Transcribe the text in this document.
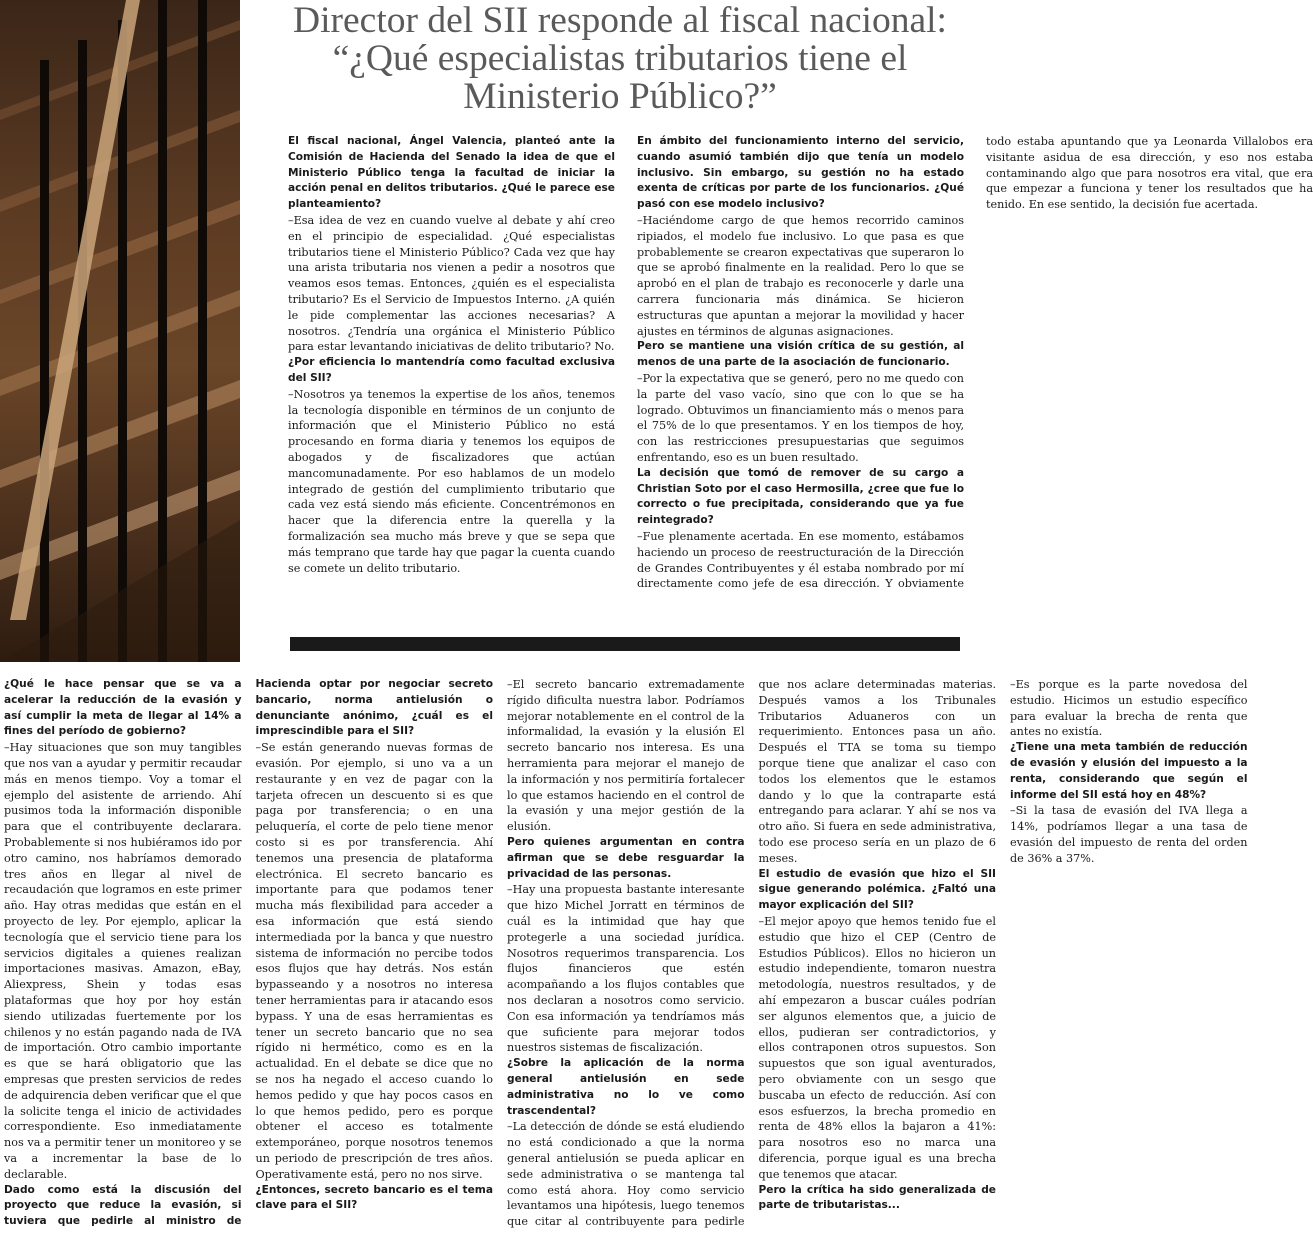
Director del SII responde al fiscal nacional:
“¿Qué especialistas tributarios tiene el
Ministerio Público?”

El fiscal nacional, Ángel Valencia, planteó ante la Comisión de Hacienda del Senado la idea de que el Ministerio Público tenga la facultad de iniciar la acción penal en delitos tributarios. ¿Qué le parece ese planteamiento?

–Esa idea de vez en cuando vuelve al debate y ahí creo en el principio de especialidad. ¿Qué especialistas tributarios tiene el Ministerio Público? Cada vez que hay una arista tributaria nos vienen a pedir a nosotros que veamos esos temas. Entonces, ¿quién es el especialista tributario? Es el Servicio de Impuestos Interno. ¿A quién le pide complementar las acciones necesarias? A nosotros. ¿Tendría una orgánica el Ministerio Público para estar levantando iniciativas de delito tributario? No.

¿Por eficiencia lo mantendría como facultad exclusiva del SII?

–Nosotros ya tenemos la expertise de los años, tenemos la tecnología disponible en términos de un conjunto de información que el Ministerio Público no está procesando en forma diaria y tenemos los equipos de abogados y de fiscalizadores que actúan mancomunadamente. Por eso hablamos de un modelo integrado de gestión del cumplimiento tributario que cada vez está siendo más eficiente. Concentrémonos en hacer que la diferencia entre la querella y la formalización sea mucho más breve y que se sepa que más temprano que tarde hay que pagar la cuenta cuando se comete un delito tributario.

En ámbito del funcionamiento interno del servicio, cuando asumió también dijo que tenía un modelo inclusivo. Sin embargo, su gestión no ha estado exenta de críticas por parte de los funcionarios. ¿Qué pasó con ese modelo inclusivo?

–Haciéndome cargo de que hemos recorrido caminos ripiados, el modelo fue inclusivo. Lo que pasa es que probablemente se crearon expectativas que superaron lo que se aprobó finalmente en la realidad. Pero lo que se aprobó en el plan de trabajo es reconocerle y darle una carrera funcionaria más dinámica. Se hicieron estructuras que apuntan a mejorar la movilidad y hacer ajustes en términos de algunas asignaciones.

Pero se mantiene una visión crítica de su gestión, al menos de una parte de la asociación de funcionario.

–Por la expectativa que se generó, pero no me quedo con la parte del vaso vacío, sino que con lo que se ha logrado. Obtuvimos un financiamiento más o menos para el 75% de lo que presentamos. Y en los tiempos de hoy, con las restricciones presupuestarias que seguimos enfrentando, eso es un buen resultado.

La decisión que tomó de remover de su cargo a Christian Soto por el caso Hermosilla, ¿cree que fue lo correcto o fue precipitada, considerando que ya fue reintegrado?

–Fue plenamente acertada. En ese momento, estábamos haciendo un proceso de reestructuración de la Dirección de Grandes Contribuyentes y él estaba nombrado por mí directamente como jefe de esa dirección. Y obviamente todo estaba apuntando que ya Leonarda Villalobos era visitante asidua de esa dirección, y eso nos estaba contaminando algo que para nosotros era vital, que era que empezar a funciona y tener los resultados que ha tenido. En ese sentido, la decisión fue acertada.

¿Qué le hace pensar que se va a acelerar la reducción de la evasión y así cumplir la meta de llegar al 14% a fines del período de gobierno?

–Hay situaciones que son muy tangibles que nos van a ayudar y permitir recaudar más en menos tiempo. Voy a tomar el ejemplo del asistente de arriendo. Ahí pusimos toda la información disponible para que el contribuyente declarara. Probablemente si nos hubiéramos ido por otro camino, nos habríamos demorado tres años en llegar al nivel de recaudación que logramos en este primer año. Hay otras medidas que están en el proyecto de ley. Por ejemplo, aplicar la tecnología que el servicio tiene para los servicios digitales a quienes realizan importaciones masivas. Amazon, eBay, Aliexpress, Shein y todas esas plataformas que hoy por hoy están siendo utilizadas fuertemente por los chilenos y no están pagando nada de IVA de importación. Otro cambio importante es que se hará obligatorio que las empresas que presten servicios de redes de adquirencia deben verificar que el que la solicite tenga el inicio de actividades correspondiente. Eso inmediatamente nos va a permitir tener un monitoreo y se va a incrementar la base de lo declarable.

Dado como está la discusión del proyecto que reduce la evasión, si tuviera que pedirle al ministro de Hacienda optar por negociar secreto bancario, norma antielusión o denunciante anónimo, ¿cuál es el imprescindible para el SII?

–Se están generando nuevas formas de evasión. Por ejemplo, si uno va a un restaurante y en vez de pagar con la tarjeta ofrecen un descuento si es que paga por transferencia; o en una peluquería, el corte de pelo tiene menor costo si es por transferencia. Ahí tenemos una presencia de plataforma electrónica. El secreto bancario es importante para que podamos tener mucha más flexibilidad para acceder a esa información que está siendo intermediada por la banca y que nuestro sistema de información no percibe todos esos flujos que hay detrás. Nos están bypasseando y a nosotros no interesa tener herramientas para ir atacando esos bypass. Y una de esas herramientas es tener un secreto bancario que no sea rígido ni hermético, como es en la actualidad. En el debate se dice que no se nos ha negado el acceso cuando lo hemos pedido y que hay pocos casos en lo que hemos pedido, pero es porque obtener el acceso es totalmente extemporáneo, porque nosotros tenemos un periodo de prescripción de tres años. Operativamente está, pero no nos sirve.

¿Entonces, secreto bancario es el tema clave para el SII?

–El secreto bancario extremadamente rígido dificulta nuestra labor. Podríamos mejorar notablemente en el control de la informalidad, la evasión y la elusión El secreto bancario nos interesa. Es una herramienta para mejorar el manejo de la información y nos permitiría fortalecer lo que estamos haciendo en el control de la evasión y una mejor gestión de la elusión.

Pero quienes argumentan en contra afirman que se debe resguardar la privacidad de las personas.

–Hay una propuesta bastante interesante que hizo Michel Jorratt en términos de cuál es la intimidad que hay que protegerle a una sociedad jurídica. Nosotros requerimos transparencia. Los flujos financieros que estén acompañando a los flujos contables que nos declaran a nosotros como servicio. Con esa información ya tendríamos más que suficiente para mejorar todos nuestros sistemas de fiscalización.

¿Sobre la aplicación de la norma general antielusión en sede administrativa no lo ve como trascendental?

–La detección de dónde se está eludiendo no está condicionado a que la norma general antielusión se pueda aplicar en sede administrativa o se mantenga tal como está ahora. Hoy como servicio levantamos una hipótesis, luego tenemos que citar al contribuyente para pedirle que nos aclare determinadas materias. Después vamos a los Tribunales Tributarios Aduaneros con un requerimiento. Entonces pasa un año. Después el TTA se toma su tiempo porque tiene que analizar el caso con todos los elementos que le estamos dando y lo que la contraparte está entregando para aclarar. Y ahí se nos va otro año. Si fuera en sede administrativa, todo ese proceso sería en un plazo de 6 meses.

El estudio de evasión que hizo el SII sigue generando polémica. ¿Faltó una mayor explicación del SII?

–El mejor apoyo que hemos tenido fue el estudio que hizo el CEP (Centro de Estudios Públicos). Ellos no hicieron un estudio independiente, tomaron nuestra metodología, nuestros resultados, y de ahí empezaron a buscar cuáles podrían ser algunos elementos que, a juicio de ellos, pudieran ser contradictorios, y ellos contraponen otros supuestos. Son supuestos que son igual aventurados, pero obviamente con un sesgo que buscaba un efecto de reducción. Así con esos esfuerzos, la brecha promedio en renta de 48% ellos la bajaron a 41%: para nosotros eso no marca una diferencia, porque igual es una brecha que tenemos que atacar.

Pero la crítica ha sido generalizada de parte de tributaristas...

–Es porque es la parte novedosa del estudio. Hicimos un estudio específico para evaluar la brecha de renta que antes no existía.

¿Tiene una meta también de reducción de evasión y elusión del impuesto a la renta, considerando que según el informe del SII está hoy en 48%?

–Si la tasa de evasión del IVA llega a 14%, podríamos llegar a una tasa de evasión del impuesto de renta del orden de 36% a 37%.
